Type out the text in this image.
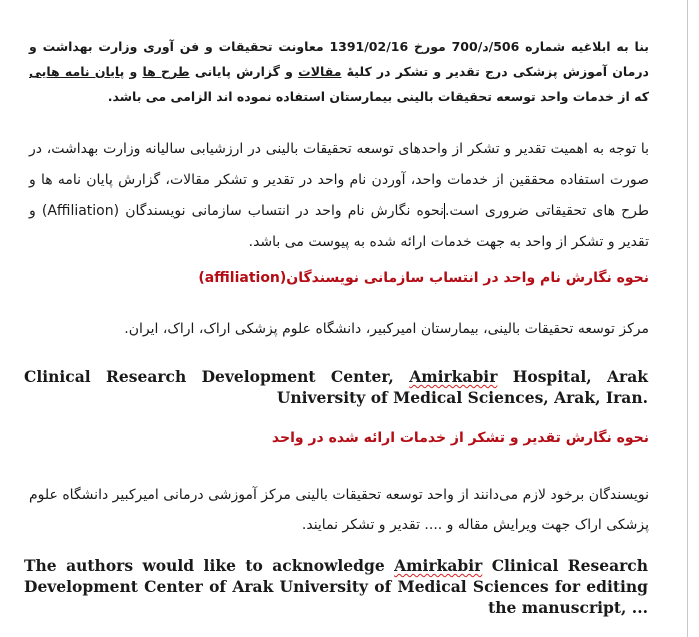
بنا به ابلاغیه شماره 506/د/700 مورخ 1391/02/16 معاونت تحقیقات و فن آوری وزارت بهداشت و درمان آموزش پزشکی درج تقدیر و تشکر در کلیهٔ مقالات و گزارش پایانی طرح ها و پایان نامه هایی که از خدمات واحد توسعه تحقیقات بالینی بیمارستان استفاده نموده اند الزامی می باشد.
با توجه به اهمیت تقدیر و تشکر از واحدهای توسعه تحقیقات بالینی در ارزشیابی سالیانه وزارت بهداشت، در صورت استفاده محققین از خدمات واحد، آوردن نام واحد در تقدیر و تشکر مقالات، گزارش پایان نامه ها و طرح های تحقیقاتی ضروری است.نحوه نگارش نام واحد در انتساب سازمانی نویسندگان (Affiliation) و تقدیر و تشکر از واحد به جهت خدمات ارائه شده به پیوست می باشد.
نحوه نگارش نام واحد در انتساب سازمانی نویسندگان(affiliation)
مرکز توسعه تحقیقات بالینی، بیمارستان امیرکبیر، دانشگاه علوم پزشکی اراک، اراک، ایران.
Clinical Research Development Center, Amirkabir Hospital, Arak University of Medical Sciences, Arak, Iran.
نحوه نگارش تقدیر و تشکر از خدمات ارائه شده در واحد
نویسندگان برخود لازم می‌دانند از واحد توسعه تحقیقات بالینی مرکز آموزشی درمانی امیرکبیر دانشگاه علوم پزشکی اراک جهت ویرایش مقاله و .... تقدیر و تشکر نمایند.
The authors would like to acknowledge Amirkabir Clinical Research Development Center of Arak University of Medical Sciences for editing the manuscript, ...
